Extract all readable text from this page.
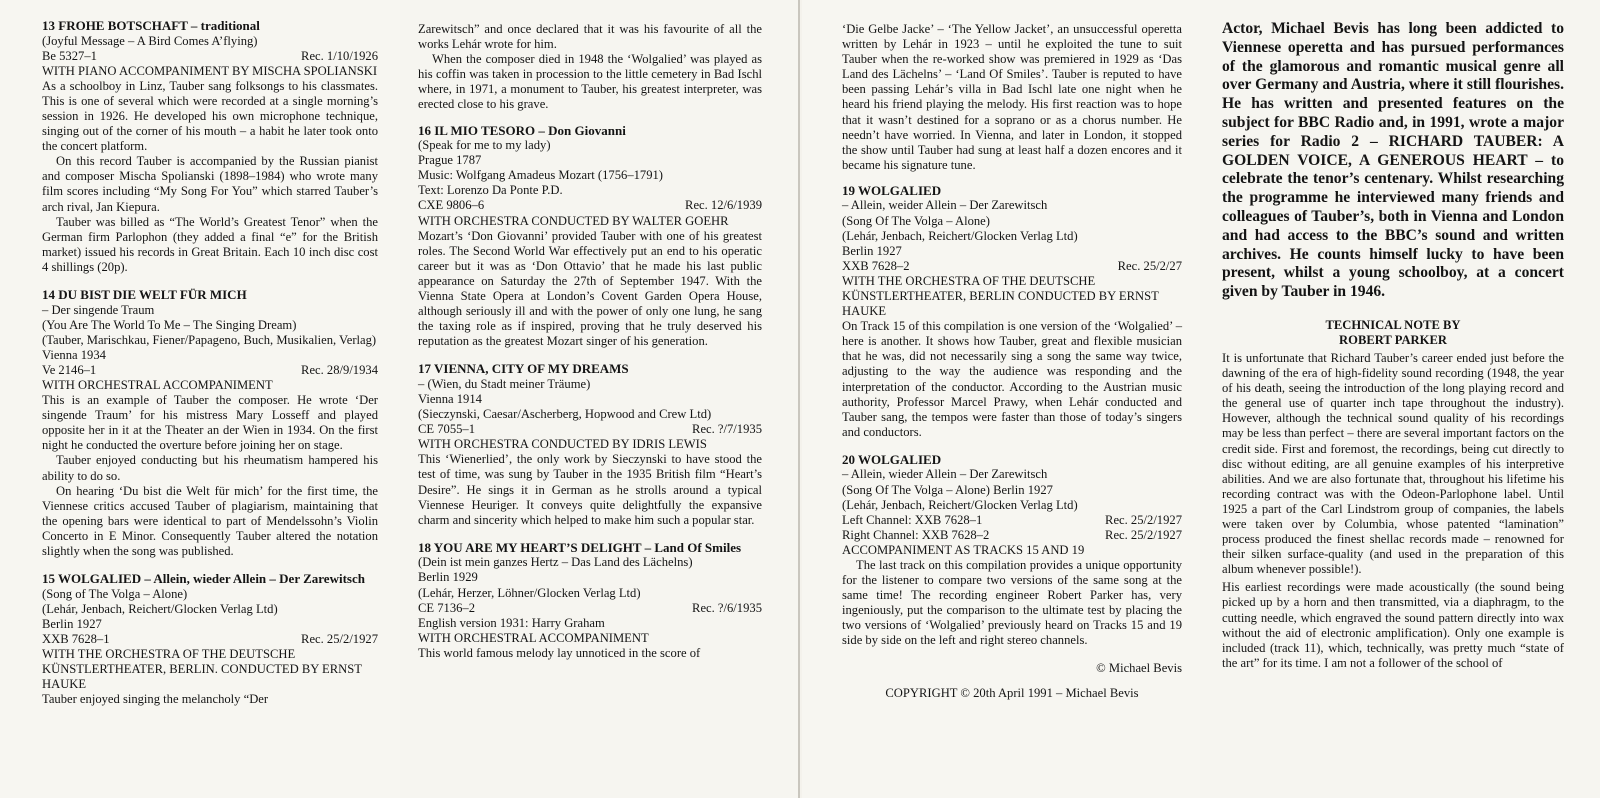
13 FROHE BOTSCHAFT – traditional
(Joyful Message – A Bird Comes A’flying)
Be 5327–1	Rec. 1/10/1926
WITH PIANO ACCOMPANIMENT BY MISCHA SPOLIANSKI

As a schoolboy in Linz, Tauber sang folksongs to his classmates. This is one of several which were recorded at a single morning’s session in 1926. He developed his own microphone technique, singing out of the corner of his mouth – a habit he later took onto the concert platform.

On this record Tauber is accompanied by the Russian pianist and composer Mischa Spolianski (1898–1984) who wrote many film scores including “My Song For You” which starred Tauber’s arch rival, Jan Kiepura.

Tauber was billed as “The World’s Greatest Tenor” when the German firm Parlophon (they added a final “e” for the British market) issued his records in Great Britain. Each 10 inch disc cost 4 shillings (20p).

14 DU BIST DIE WELT FÜR MICH
– Der singende Traum
(You Are The World To Me – The Singing Dream)
(Tauber, Marischkau, Fiener/Papageno, Buch, Musikalien, Verlag)
Vienna 1934
Ve 2146–1	Rec. 28/9/1934
WITH ORCHESTRAL ACCOMPANIMENT

This is an example of Tauber the composer. He wrote ‘Der singende Traum’ for his mistress Mary Losseff and played opposite her in it at the Theater an der Wien in 1934. On the first night he conducted the overture before joining her on stage.

Tauber enjoyed conducting but his rheumatism hampered his ability to do so.

On hearing ‘Du bist die Welt für mich’ for the first time, the Viennese critics accused Tauber of plagiarism, maintaining that the opening bars were identical to part of Mendelssohn’s Violin Concerto in E Minor. Consequently Tauber altered the notation slightly when the song was published.

15 WOLGALIED – Allein, wieder Allein – Der Zarewitsch
(Song of The Volga – Alone)
(Lehár, Jenbach, Reichert/Glocken Verlag Ltd)
Berlin 1927
XXB 7628–1	Rec. 25/2/1927
WITH THE ORCHESTRA OF THE DEUTSCHE KÜNSTLERTHEATER, BERLIN. CONDUCTED BY ERNST HAUKE

Tauber enjoyed singing the melancholy “Der

Zarewitsch” and once declared that it was his favourite of all the works Lehár wrote for him.

When the composer died in 1948 the ‘Wolgalied’ was played as his coffin was taken in procession to the little cemetery in Bad Ischl where, in 1971, a monument to Tauber, his greatest interpreter, was erected close to his grave.

16 IL MIO TESORO – Don Giovanni
(Speak for me to my lady)
Prague 1787
Music: Wolfgang Amadeus Mozart (1756–1791)
Text: Lorenzo Da Ponte P.D.
CXE 9806–6	Rec. 12/6/1939
WITH ORCHESTRA CONDUCTED BY WALTER GOEHR

Mozart’s ‘Don Giovanni’ provided Tauber with one of his greatest roles. The Second World War effectively put an end to his operatic career but it was as ‘Don Ottavio’ that he made his last public appearance on Saturday the 27th of September 1947. With the Vienna State Opera at London’s Covent Garden Opera House, although seriously ill and with the power of only one lung, he sang the taxing role as if inspired, proving that he truly deserved his reputation as the greatest Mozart singer of his generation.

17 VIENNA, CITY OF MY DREAMS
– (Wien, du Stadt meiner Träume)
Vienna 1914
(Sieczynski, Caesar/Ascherberg, Hopwood and Crew Ltd)
CE 7055–1	Rec. ?/7/1935
WITH ORCHESTRA CONDUCTED BY IDRIS LEWIS

This ‘Wienerlied’, the only work by Sieczynski to have stood the test of time, was sung by Tauber in the 1935 British film “Heart’s Desire”. He sings it in German as he strolls around a typical Viennese Heuriger. It conveys quite delightfully the expansive charm and sincerity which helped to make him such a popular star.

18 YOU ARE MY HEART’S DELIGHT – Land Of Smiles
(Dein ist mein ganzes Hertz – Das Land des Lächelns)
Berlin 1929
(Lehár, Herzer, Löhner/Glocken Verlag Ltd)
CE 7136–2	Rec. ?/6/1935
English version 1931: Harry Graham
WITH ORCHESTRAL ACCOMPANIMENT

This world famous melody lay unnoticed in the score of

‘Die Gelbe Jacke’ – ‘The Yellow Jacket’, an unsuccessful operetta written by Lehár in 1923 – until he exploited the tune to suit Tauber when the re-worked show was premiered in 1929 as ‘Das Land des Lächelns’ – ‘Land Of Smiles’. Tauber is reputed to have been passing Lehár’s villa in Bad Ischl late one night when he heard his friend playing the melody. His first reaction was to hope that it wasn’t destined for a soprano or as a chorus number. He needn’t have worried. In Vienna, and later in London, it stopped the show until Tauber had sung at least half a dozen encores and it became his signature tune.

19 WOLGALIED
– Allein, weider Allein – Der Zarewitsch
(Song Of The Volga – Alone)
(Lehár, Jenbach, Reichert/Glocken Verlag Ltd)
Berlin 1927
XXB 7628–2	Rec. 25/2/27
WITH THE ORCHESTRA OF THE DEUTSCHE KÜNSTLERTHEATER, BERLIN CONDUCTED BY ERNST HAUKE

On Track 15 of this compilation is one version of the ‘Wolgalied’ – here is another. It shows how Tauber, great and flexible musician that he was, did not necessarily sing a song the same way twice, adjusting to the way the audience was responding and the interpretation of the conductor. According to the Austrian music authority, Professor Marcel Prawy, when Lehár conducted and Tauber sang, the tempos were faster than those of today’s singers and conductors.

20 WOLGALIED
– Allein, wieder Allein – Der Zarewitsch
(Song Of The Volga – Alone) Berlin 1927
(Lehár, Jenbach, Reichert/Glocken Verlag Ltd)
Left Channel: XXB 7628–1	Rec. 25/2/1927
Right Channel: XXB 7628–2	Rec. 25/2/1927
ACCOMPANIMENT AS TRACKS 15 AND 19

The last track on this compilation provides a unique opportunity for the listener to compare two versions of the same song at the same time! The recording engineer Robert Parker has, very ingeniously, put the comparison to the ultimate test by placing the two versions of ‘Wolgalied’ previously heard on Tracks 15 and 19 side by side on the left and right stereo channels.

© Michael Bevis
COPYRIGHT © 20th April 1991 – Michael Bevis

Actor, Michael Bevis has long been addicted to Viennese operetta and has pursued performances of the glamorous and romantic musical genre all over Germany and Austria, where it still flourishes. He has written and presented features on the subject for BBC Radio and, in 1991, wrote a major series for Radio 2 – RICHARD TAUBER: A GOLDEN VOICE, A GENEROUS HEART – to celebrate the tenor’s centenary. Whilst researching the programme he interviewed many friends and colleagues of Tauber’s, both in Vienna and London and had access to the BBC’s sound and written archives. He counts himself lucky to have been present, whilst a young schoolboy, at a concert given by Tauber in 1946.

TECHNICAL NOTE BY
ROBERT PARKER

It is unfortunate that Richard Tauber’s career ended just before the dawning of the era of high-fidelity sound recording (1948, the year of his death, seeing the introduction of the long playing record and the general use of quarter inch tape throughout the industry). However, although the technical sound quality of his recordings may be less than perfect – there are several important factors on the credit side. First and foremost, the recordings, being cut directly to disc without editing, are all genuine examples of his interpretive abilities. And we are also fortunate that, throughout his lifetime his recording contract was with the Odeon-Parlophone label. Until 1925 a part of the Carl Lindstrom group of companies, the labels were taken over by Columbia, whose patented “lamination” process produced the finest shellac records made – renowned for their silken surface-quality (and used in the preparation of this album whenever possible!).

His earliest recordings were made acoustically (the sound being picked up by a horn and then transmitted, via a diaphragm, to the cutting needle, which engraved the sound pattern directly into wax without the aid of electronic amplification). Only one example is included (track 11), which, technically, was pretty much “state of the art” for its time. I am not a follower of the school of
